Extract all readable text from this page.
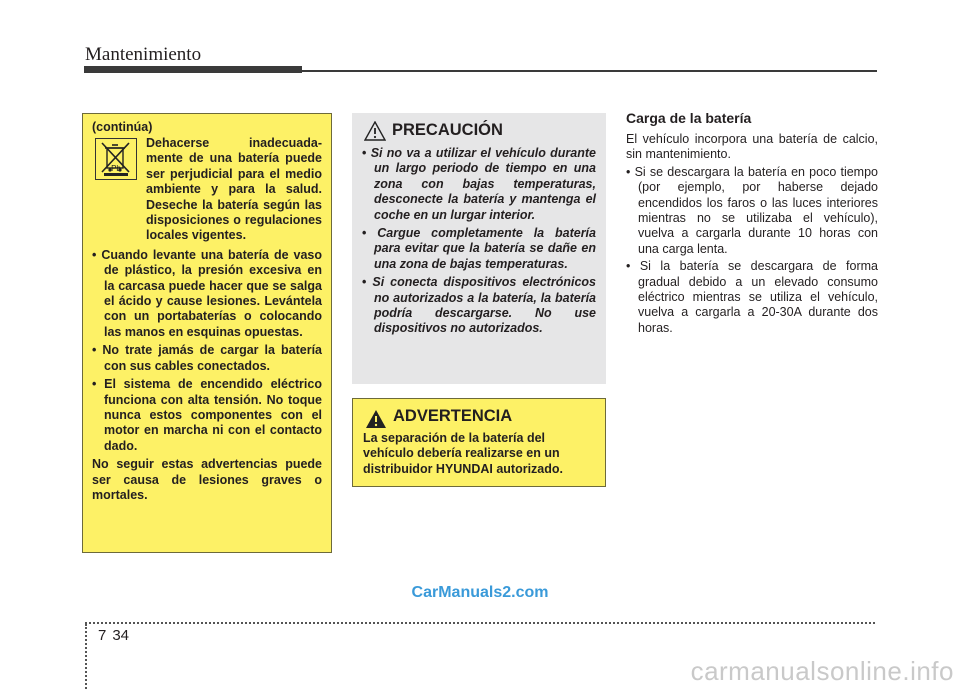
Mantenimiento
(continúa)
Pb
Dehacerse inadecuada-mente de una batería puede ser perjudicial para el medio ambiente y para la salud. Deseche la batería según las disposiciones o regulaciones locales vigentes.
• Cuando levante una batería de vaso de plástico, la presión excesiva en la carcasa puede hacer que se salga el ácido y cause lesiones. Levántela con un portabaterías o colocando las manos en esquinas opuestas.
• No trate jamás de cargar la batería con sus cables conectados.
• El sistema de encendido eléctrico funciona con alta tensión. No toque nunca estos componentes con el motor en marcha ni con el contacto dado.
No seguir estas advertencias puede ser causa de lesiones graves o mortales.
PRECAUCIÓN
• Si no va a utilizar el vehículo durante un largo periodo de tiempo en una zona con bajas temperaturas, desconecte la batería y mantenga el coche en un lurgar interior.
• Cargue completamente la batería para evitar que la batería se dañe en una zona de bajas temperaturas.
• Si conecta dispositivos electrónicos no autorizados a la batería, la batería podría descargarse. No use dispositivos no autorizados.
ADVERTENCIA
La separación de la batería del vehículo debería realizarse en un distribuidor HYUNDAI autorizado.
Carga de la batería

El vehículo incorpora una batería de calcio, sin mantenimiento.

• Si se descargara la batería en poco tiempo (por ejemplo, por haberse dejado encendidos los faros o las luces interiores mientras no se utilizaba el vehículo), vuelva a cargarla durante 10 horas con una carga lenta.
• Si la batería se descargara de forma gradual debido a un elevado consumo eléctrico mientras se utiliza el vehículo, vuelva a cargarla a 20-30A durante dos horas.
CarManuals2.com
7 34
carmanualsonline.info
